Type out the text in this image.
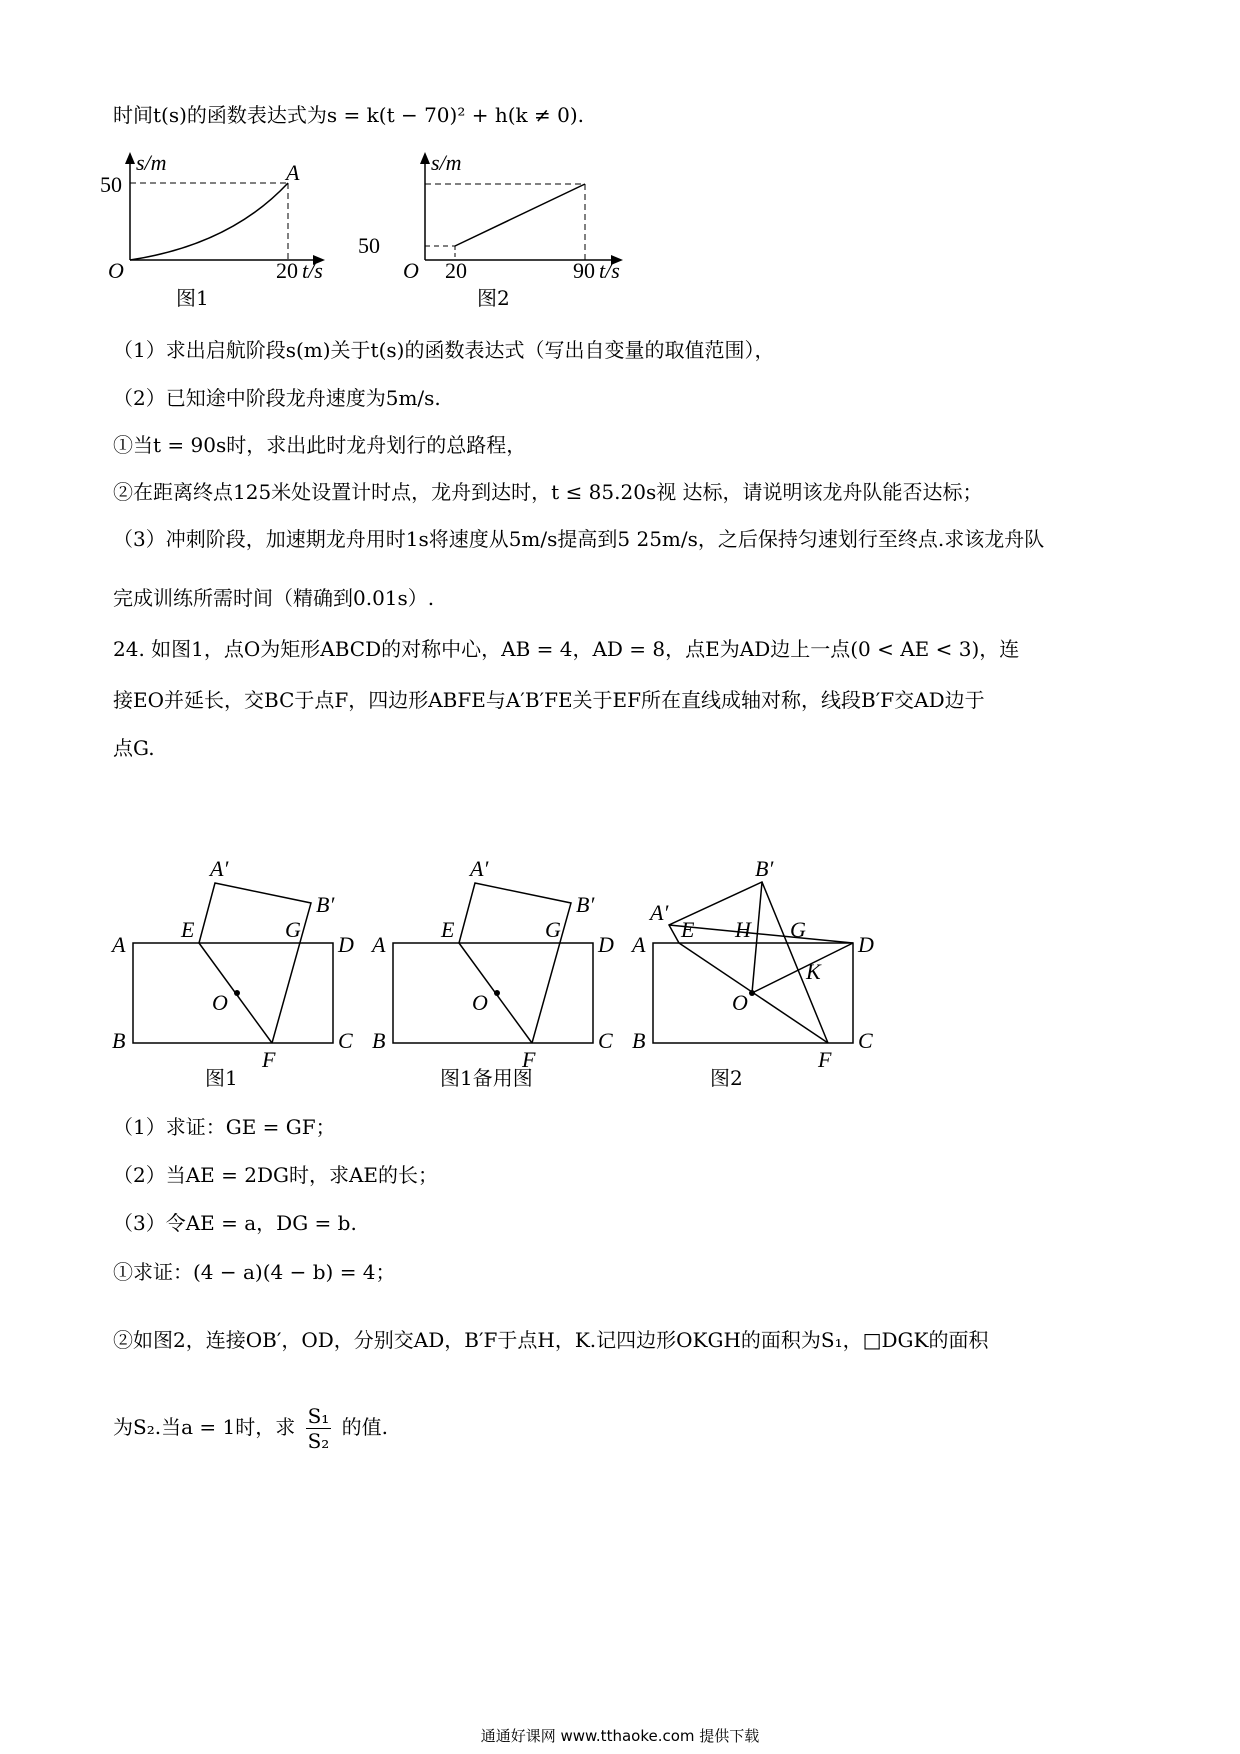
时间t(s)的函数表达式为s = k(t − 70)² + h(k ≠ 0).
s/m
50	A
O	20 t/s
图1
s/m
50
O 20	90 t/s
图2
（1）求出启航阶段s(m)关于t(s)的函数表达式（写出自变量的取值范围），
（2）已知途中阶段龙舟速度为5m/s.
①当t = 90s时，求出此时龙舟划行的总路程，
②在距离终点125米处设置计时点，龙舟到达时，t ≤ 85.20s视 达标，请说明该龙舟队能否达标；
（3）冲刺阶段，加速期龙舟用时1s将速度从5m/s提高到5 25m/s，之后保持匀速划行至终点.求该龙舟队
完成训练所需时间（精确到0.01s）.
24. 如图1，点O为矩形ABCD的对称中心，AB = 4，AD = 8，点E为AD边上一点(0 < AE < 3)，连
接EO并延长，交BC于点F，四边形ABFE与A′B′FE关于EF所在直线成轴对称，线段B′F交AD边于
点G.
A′
B′
E	G
A	D
O
B	C
F
A′
B′
E	G
A	D
O
B	C
F
B′
A′
E H G
A	D
K
O
B	C
F
图1	图1备用图	图2
（1）求证：GE = GF；
（2）当AE = 2DG时，求AE的长；
（3）令AE = a，DG = b.
①求证：(4 − a)(4 − b) = 4；
②如图2，连接OB′，OD，分别交AD，B′F于点H，K.记四边形OKGH的面积为S₁，□DGK的面积
为S₂.当a = 1时，求 $\frac{\text{S₁}}{\text{S₂}}$ 的值.
通通好课网 www.tthaoke.com 提供下载
